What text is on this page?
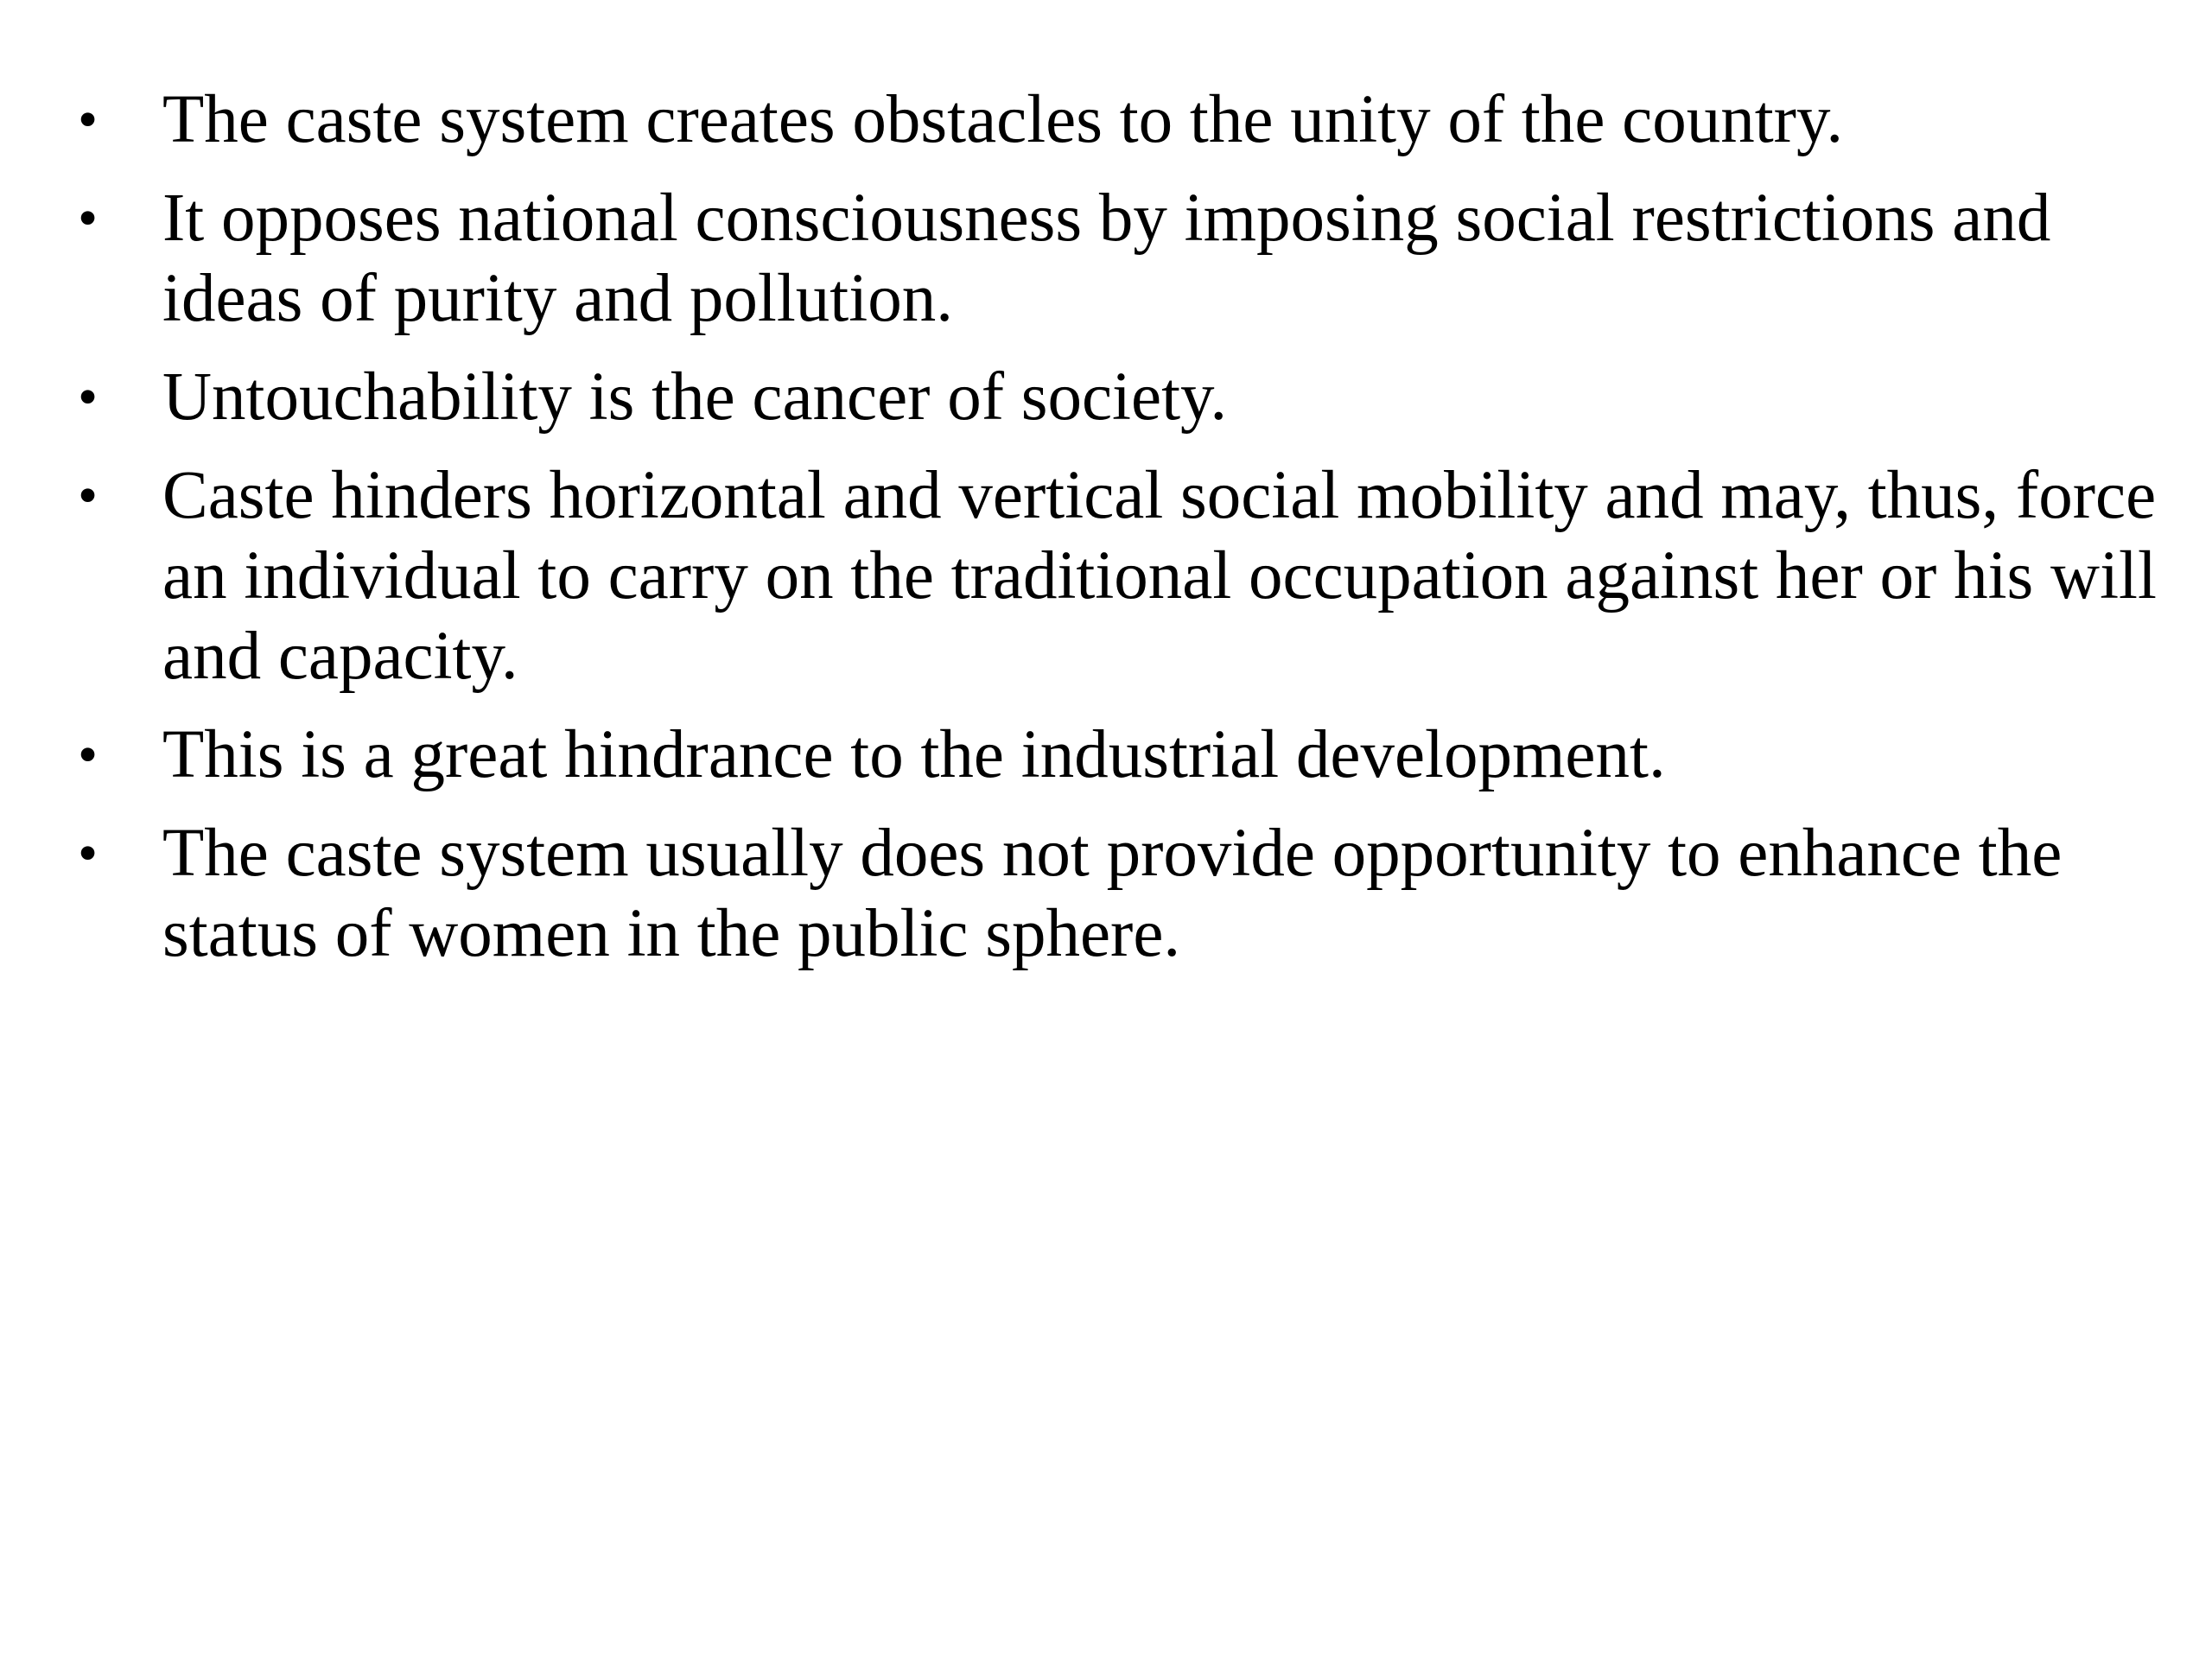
• The caste system creates obstacles to the unity of the country.
• It opposes national consciousness by imposing social restrictions and ideas of purity and pollution.
• Untouchability is the cancer of society.
• Caste hinders horizontal and vertical social mobility and may, thus, force an individual to carry on the traditional occupation against her or his will and capacity.
• This is a great hindrance to the industrial development.
• The caste system usually does not provide opportunity to enhance the status of women in the public sphere.
